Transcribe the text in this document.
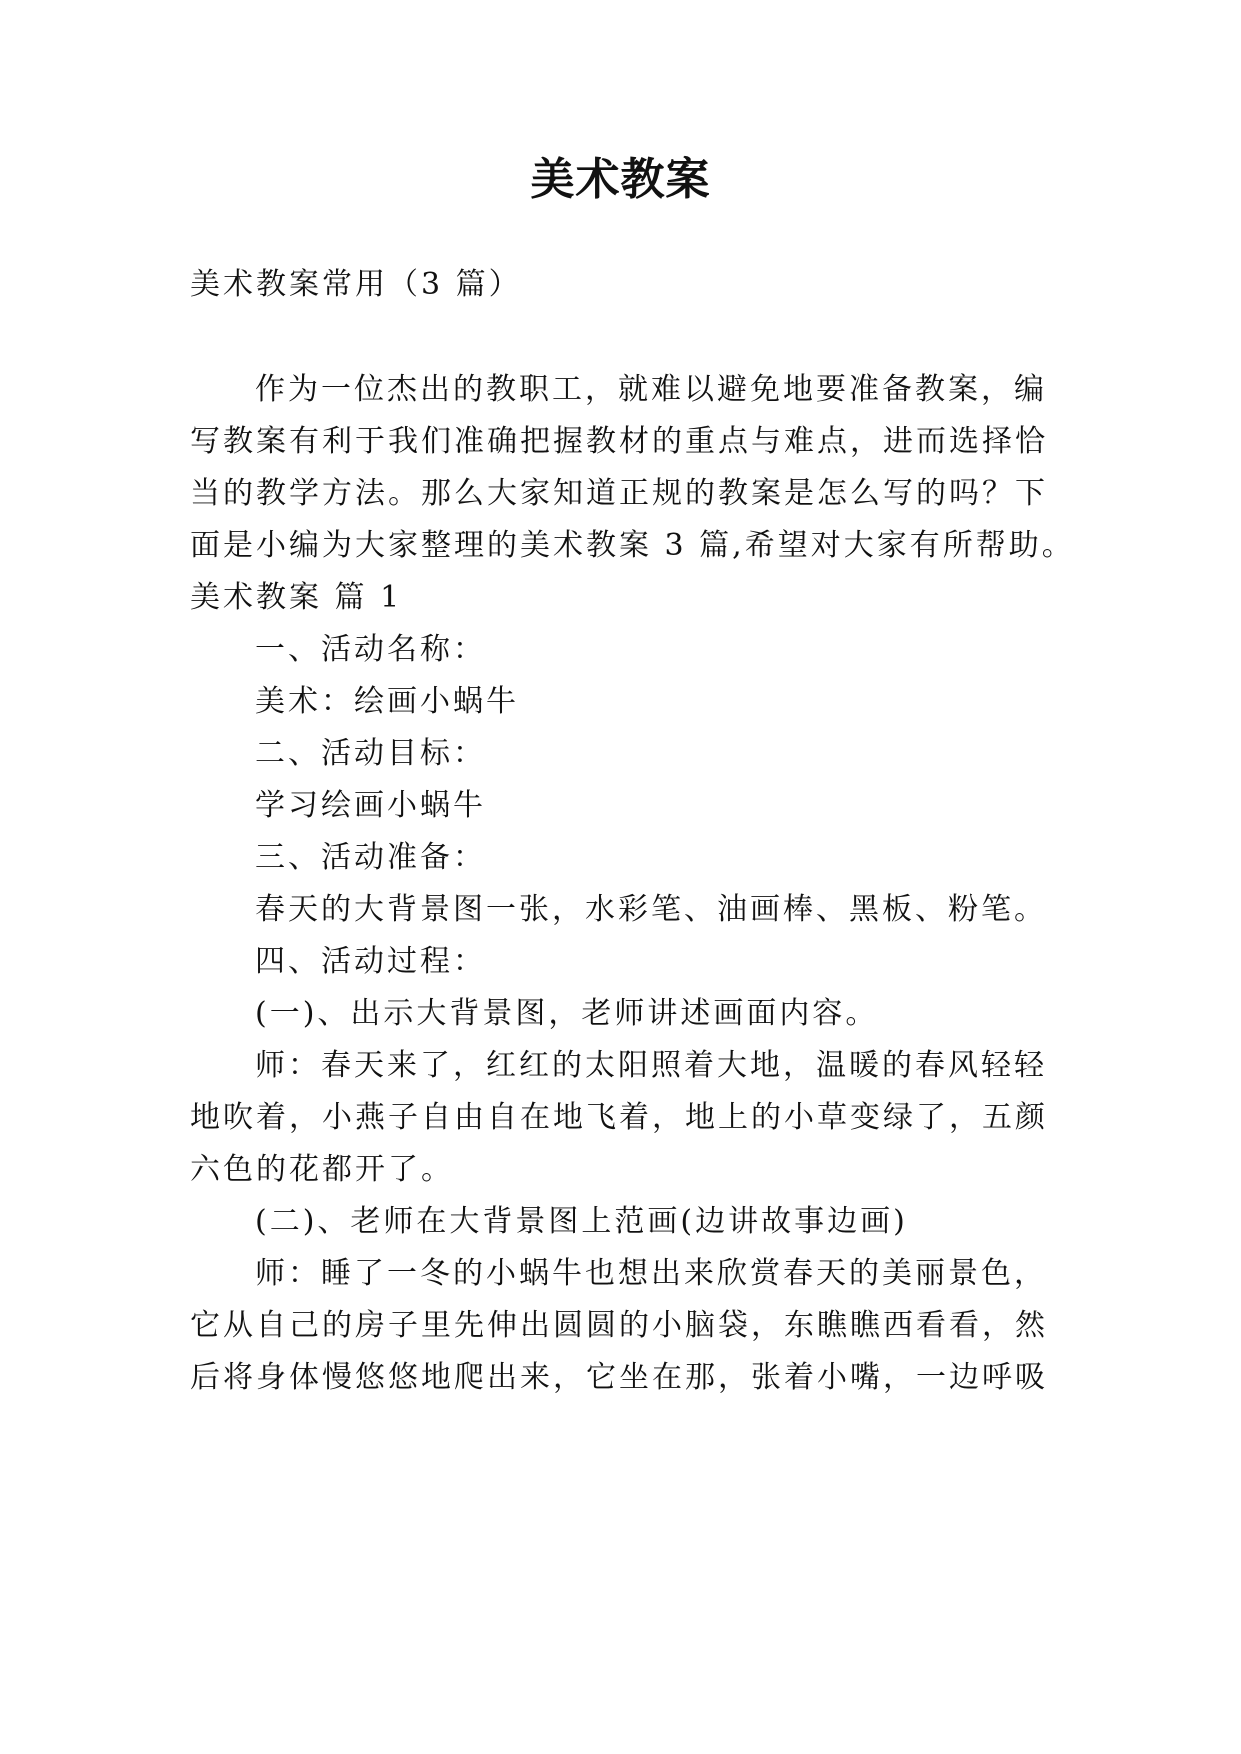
美术教案
美术教案常用（3 篇）
作为一位杰出的教职工，就难以避免地要准备教案，编
写教案有利于我们准确把握教材的重点与难点，进而选择恰
当的教学方法。那么大家知道正规的教案是怎么写的吗？下
面是小编为大家整理的美术教案 3 篇,希望对大家有所帮助。
美术教案 篇 1
一、活动名称：
美术：绘画小蜗牛
二、活动目标：
学习绘画小蜗牛
三、活动准备：
春天的大背景图一张，水彩笔、油画棒、黑板、粉笔。
四、活动过程：
(一)、出示大背景图，老师讲述画面内容。
师：春天来了，红红的太阳照着大地，温暖的春风轻轻
地吹着，小燕子自由自在地飞着，地上的小草变绿了，五颜
六色的花都开了。
(二)、老师在大背景图上范画(边讲故事边画)
师：睡了一冬的小蜗牛也想出来欣赏春天的美丽景色，
它从自己的房子里先伸出圆圆的小脑袋，东瞧瞧西看看，然
后将身体慢悠悠地爬出来，它坐在那，张着小嘴，一边呼吸
